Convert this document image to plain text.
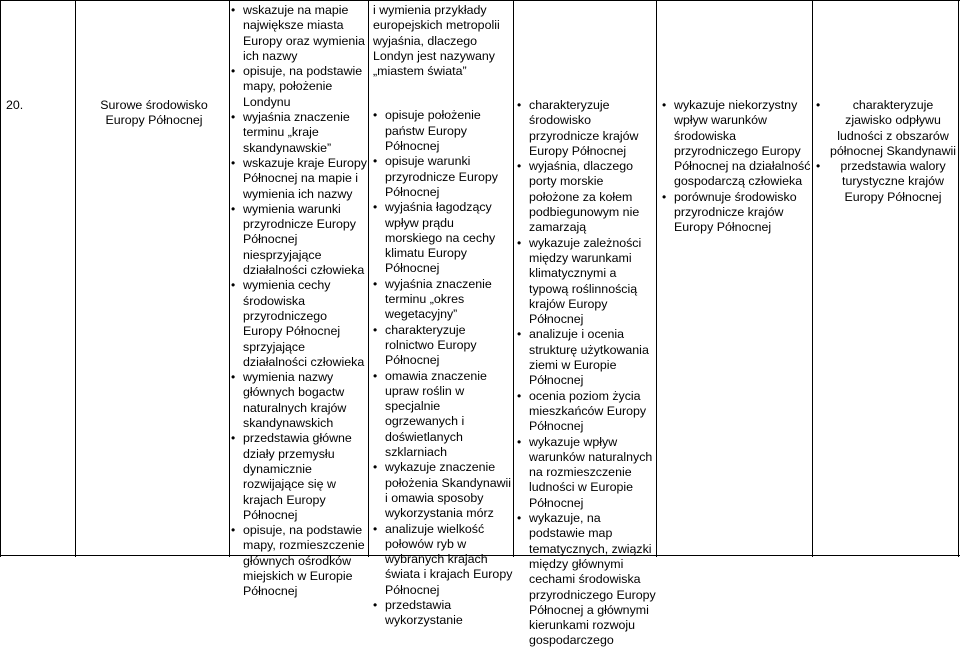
20.	Surowe środowisko Europy Północnej
• wskazuje na mapie największe miasta Europy oraz wymienia ich nazwy
• opisuje, na podstawie mapy, położenie Londynu
• wyjaśnia znaczenie terminu „kraje skandynawskie”
• wskazuje kraje Europy Północnej na mapie i wymienia ich nazwy
• wymienia warunki przyrodnicze Europy Północnej niesprzyjające działalności człowieka
• wymienia cechy środowiska przyrodniczego Europy Północnej sprzyjające działalności człowieka
• wymienia nazwy głównych bogactw naturalnych krajów skandynawskich
• przedstawia główne działy przemysłu dynamicznie rozwijające się w krajach Europy Północnej
• opisuje, na podstawie mapy, rozmieszczenie głównych ośrodków miejskich w Europie Północnej
i wymienia przykłady europejskich metropolii wyjaśnia, dlaczego Londyn jest nazywany „miastem świata”
• opisuje położenie państw Europy Północnej
• opisuje warunki przyrodnicze Europy Północnej
• wyjaśnia łagodzący wpływ prądu morskiego na cechy klimatu Europy Północnej
• wyjaśnia znaczenie terminu „okres wegetacyjny”
• charakteryzuje rolnictwo Europy Północnej
• omawia znaczenie upraw roślin w specjalnie ogrzewanych i doświetlanych szklarniach
• wykazuje znaczenie położenia Skandynawii i omawia sposoby wykorzystania mórz
• analizuje wielkość połowów ryb w wybranych krajach świata i krajach Europy Północnej
• przedstawia wykorzystanie
• charakteryzuje środowisko przyrodnicze krajów Europy Północnej
• wyjaśnia, dlaczego porty morskie położone za kołem podbiegunowym nie zamarzają
• wykazuje zależności między warunkami klimatycznymi a typową roślinnością krajów Europy Północnej
• analizuje i ocenia strukturę użytkowania ziemi w Europie Północnej
• ocenia poziom życia mieszkańców Europy Północnej
• wykazuje wpływ warunków naturalnych na rozmieszczenie ludności w Europie Północnej
• wykazuje, na podstawie map tematycznych, związki między głównymi cechami środowiska przyrodniczego Europy Północnej a głównymi kierunkami rozwoju gospodarczego
• wykazuje niekorzystny wpływ warunków środowiska przyrodniczego Europy Północnej na działalność gospodarczą człowieka
• porównuje środowisko przyrodnicze krajów Europy Północnej
• charakteryzuje zjawisko odpływu ludności z obszarów północnej Skandynawii
• przedstawia walory turystyczne krajów Europy Północnej
